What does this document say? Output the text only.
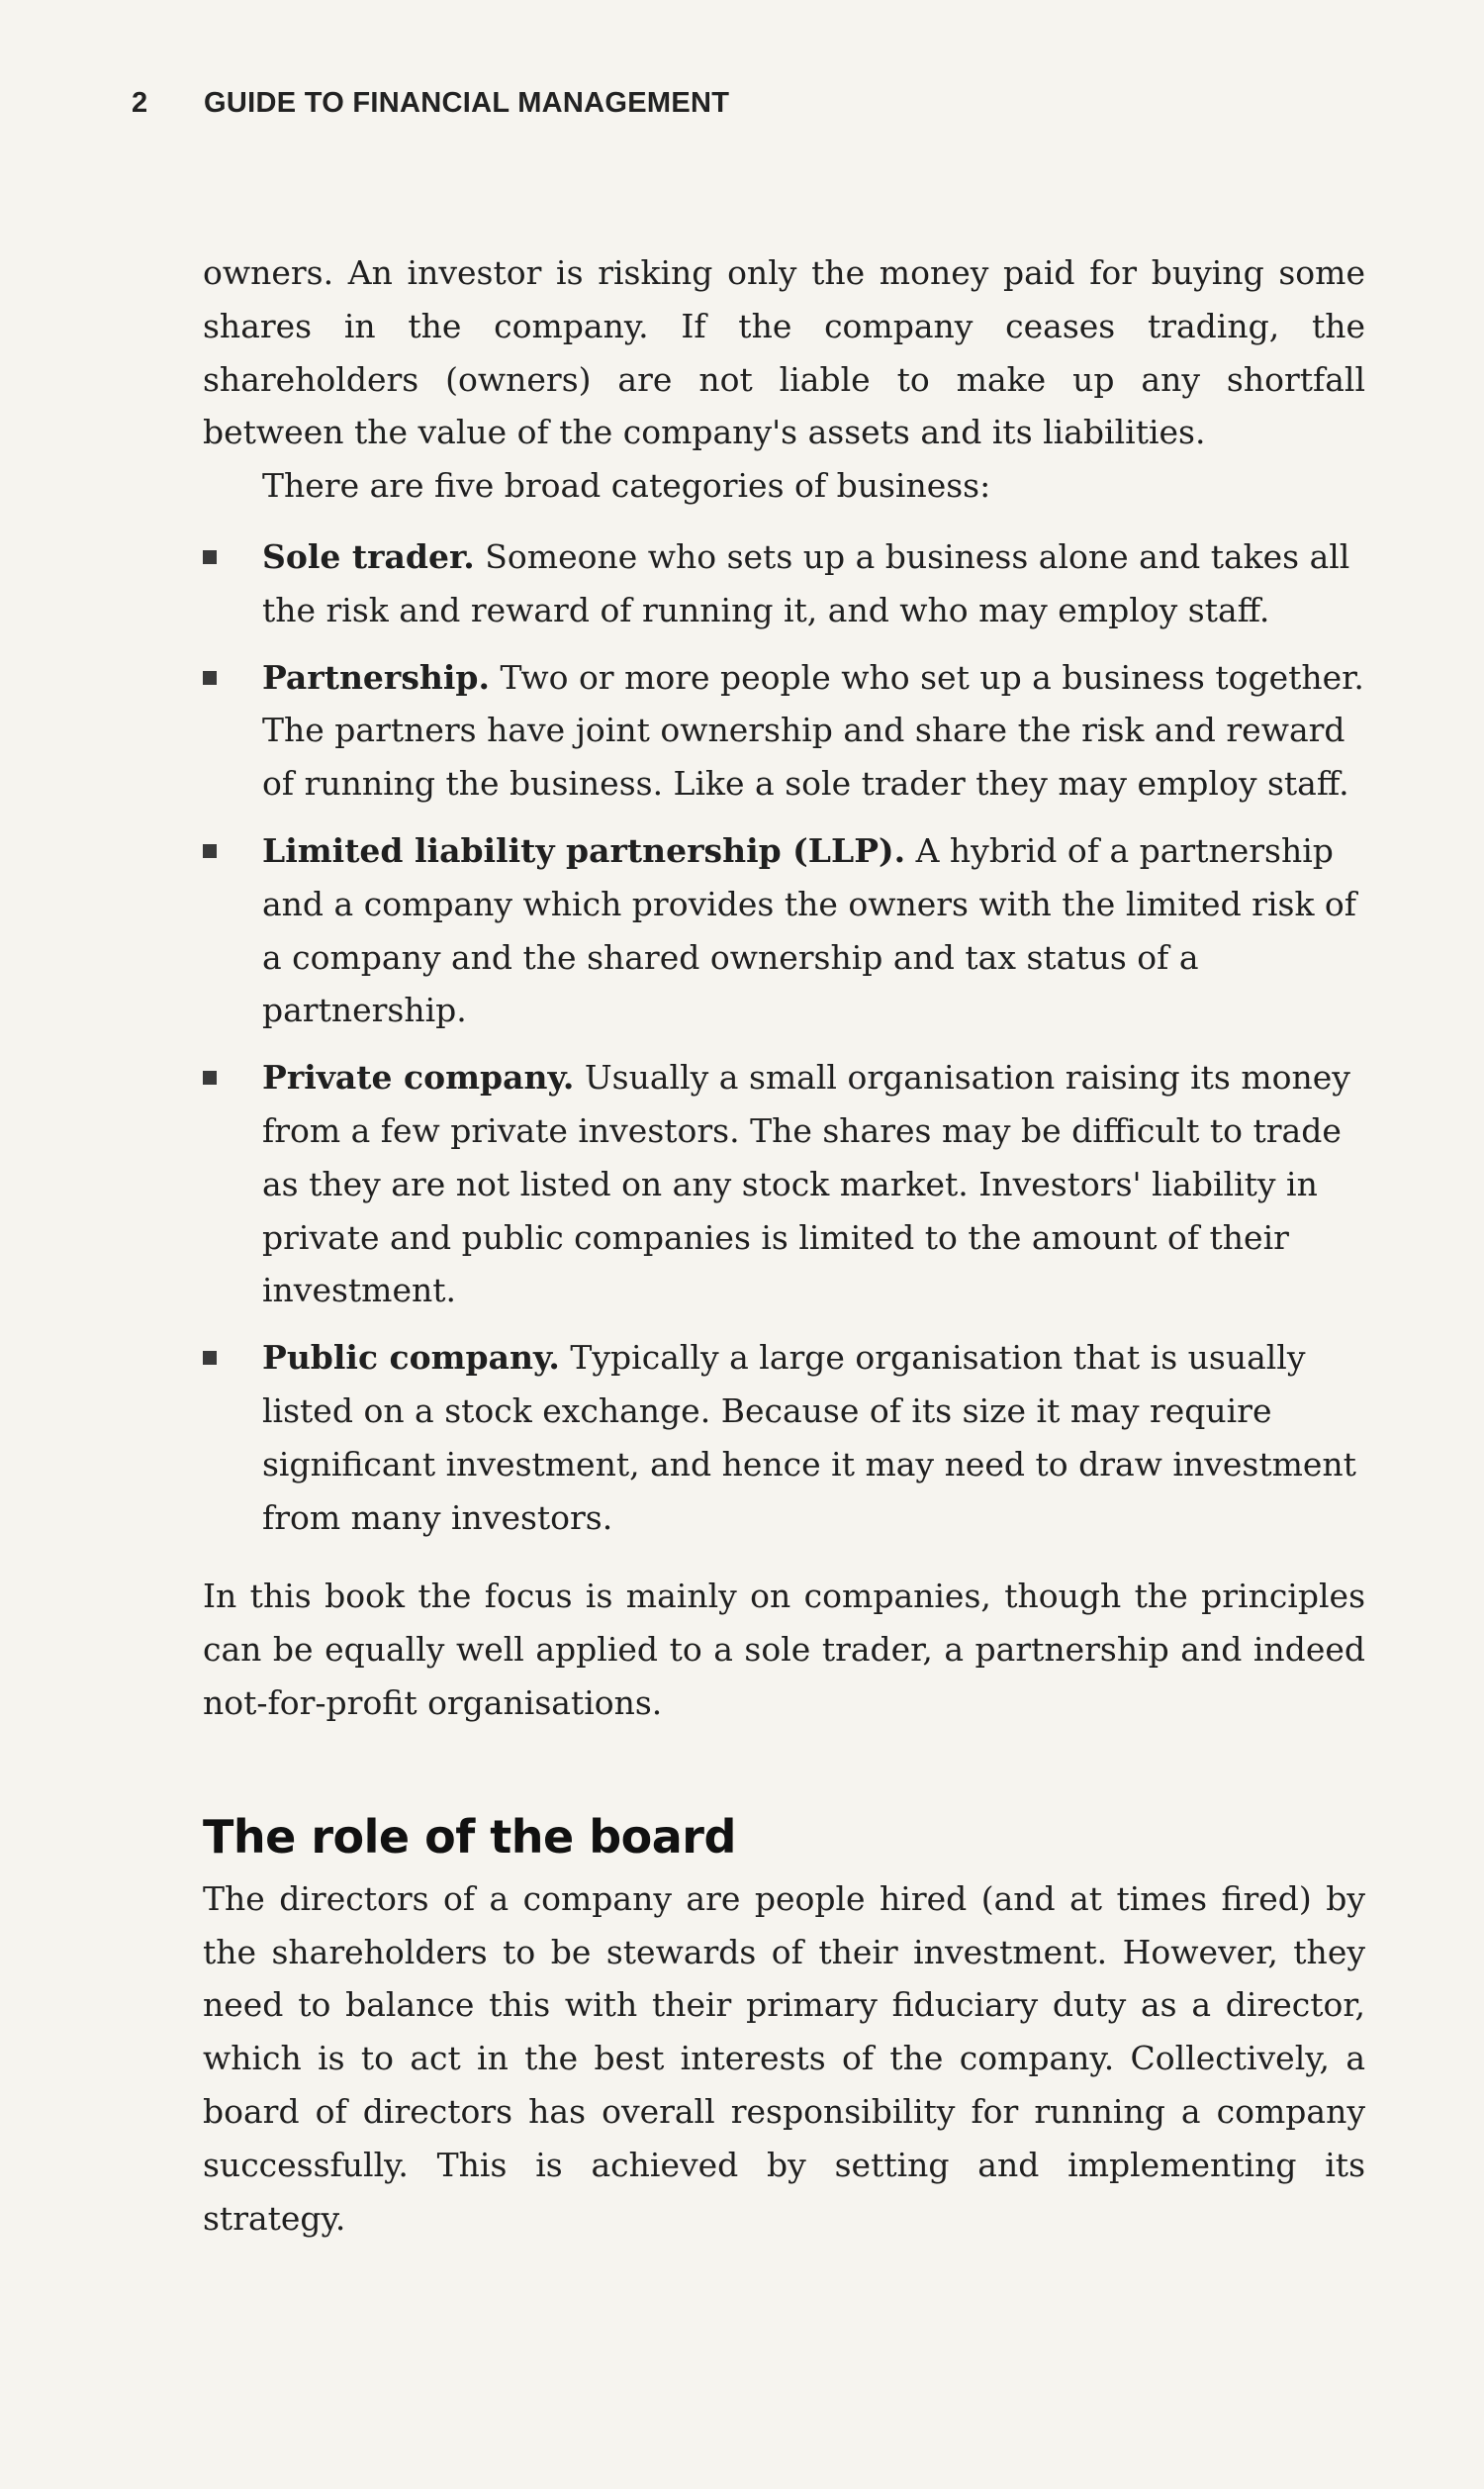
2 GUIDE TO FINANCIAL MANAGEMENT

owners. An investor is risking only the money paid for buying some shares in the company. If the company ceases trading, the shareholders (owners) are not liable to make up any shortfall between the value of the company's assets and its liabilities.

There are five broad categories of business:

Sole trader. Someone who sets up a business alone and takes all the risk and reward of running it, and who may employ staff.
Partnership. Two or more people who set up a business together. The partners have joint ownership and share the risk and reward of running the business. Like a sole trader they may employ staff.
Limited liability partnership (LLP). A hybrid of a partnership and a company which provides the owners with the limited risk of a company and the shared ownership and tax status of a partnership.
Private company. Usually a small organisation raising its money from a few private investors. The shares may be difficult to trade as they are not listed on any stock market. Investors' liability in private and public companies is limited to the amount of their investment.
Public company. Typically a large organisation that is usually listed on a stock exchange. Because of its size it may require significant investment, and hence it may need to draw investment from many investors.

In this book the focus is mainly on companies, though the principles can be equally well applied to a sole trader, a partnership and indeed not-for-profit organisations.

The role of the board

The directors of a company are people hired (and at times fired) by the shareholders to be stewards of their investment. However, they need to balance this with their primary fiduciary duty as a director, which is to act in the best interests of the company. Collectively, a board of directors has overall responsibility for running a company successfully. This is achieved by setting and implementing its strategy.
